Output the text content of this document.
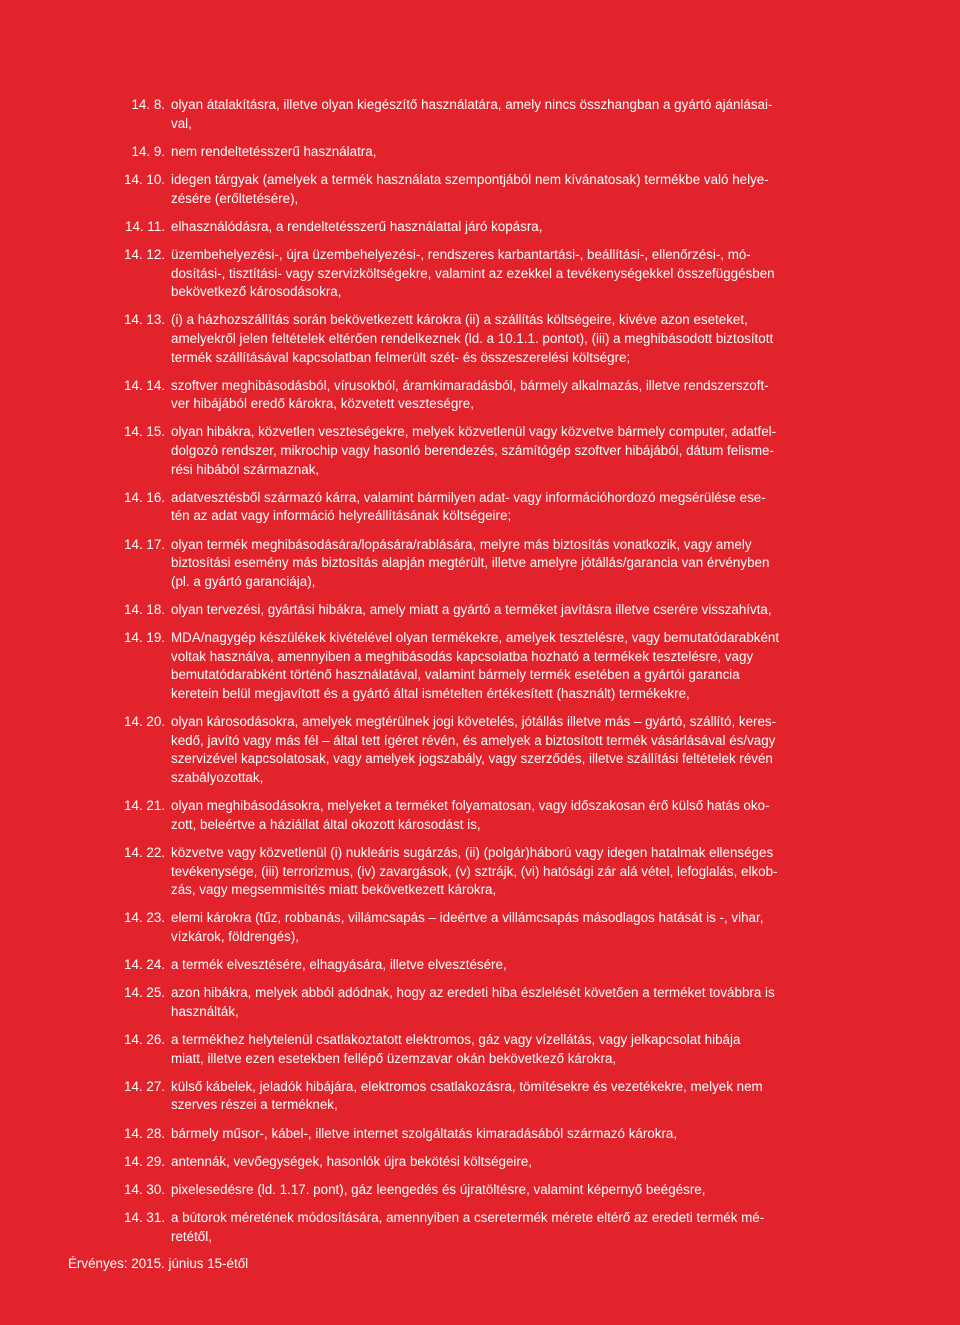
14. 8. olyan átalakításra, illetve olyan kiegészítő használatára, amely nincs összhangban a gyártó ajánlásai-
val,
14. 9. nem rendeltetésszerű használatra,
14. 10. idegen tárgyak (amelyek a termék használata szempontjából nem kívánatosak) termékbe való helye-
zésére (erőltetésére),
14. 11. elhasználódásra, a rendeltetésszerű használattal járó kopásra,
14. 12. üzembehelyezési-, újra üzembehelyezési-, rendszeres karbantartási-, beállítási-, ellenőrzési-, mó-
dosítási-, tisztítási- vagy szervizköltségekre, valamint az ezekkel a tevékenységekkel összefüggésben
bekövetkező károsodásokra,
14. 13. (i) a házhozszállítás során bekövetkezett károkra (ii) a szállítás költségeire, kivéve azon eseteket,
amelyekről jelen feltételek eltérően rendelkeznek (ld. a 10.1.1. pontot), (iii) a meghibásodott biztosított
termék szállításával kapcsolatban felmerült szét- és összeszerelési költségre;
14. 14. szoftver meghibásodásból, vírusokból, áramkimaradásból, bármely alkalmazás, illetve rendszerszoft-
ver hibájából eredő károkra, közvetett veszteségre,
14. 15. olyan hibákra, közvetlen veszteségekre, melyek közvetlenül vagy közvetve bármely computer, adatfel-
dolgozó rendszer, mikrochip vagy hasonló berendezés, számítógép szoftver hibájából, dátum felisme-
rési hibából származnak,
14. 16. adatvesztésből származó kárra, valamint bármilyen adat- vagy információhordozó megsérülése ese-
tén az adat vagy információ helyreállításának költségeire;
14. 17. olyan termék meghibásodására/lopására/rablására, melyre más biztosítás vonatkozik, vagy amely
biztosítási esemény más biztosítás alapján megtérült, illetve amelyre jótállás/garancia van érvényben
(pl. a gyártó garanciája),
14. 18. olyan tervezési, gyártási hibákra, amely miatt a gyártó a terméket javításra illetve cserére visszahívta,
14. 19. MDA/nagygép készülékek kivételével olyan termékekre, amelyek tesztelésre, vagy bemutatódarabként
voltak használva, amennyiben a meghibásodás kapcsolatba hozható a termékek tesztelésre, vagy
bemutatódarabként történő használatával, valamint bármely termék esetében a gyártói garancia
keretein belül megjavított és a gyártó által ismételten értékesített (használt) termékekre,
14. 20. olyan károsodásokra, amelyek megtérülnek jogi követelés, jótállás illetve más – gyártó, szállító, keres-
kedő, javító vagy más fél – által tett ígéret révén, és amelyek a biztosított termék vásárlásával és/vagy
szervizével kapcsolatosak, vagy amelyek jogszabály, vagy szerződés, illetve szállítási feltételek révén
szabályozottak,
14. 21. olyan meghibásodásokra, melyeket a terméket folyamatosan, vagy időszakosan érő külső hatás oko-
zott, beleértve a háziállat által okozott károsodást is,
14. 22. közvetve vagy közvetlenül (i) nukleáris sugárzás, (ii) (polgár)háború vagy idegen hatalmak ellenséges
tevékenysége, (iii) terrorizmus, (iv) zavargások, (v) sztrájk, (vi) hatósági zár alá vétel, lefoglalás, elkob-
zás, vagy megsemmisítés miatt bekövetkezett károkra,
14. 23. elemi károkra (tűz, robbanás, villámcsapás – ideértve a villámcsapás másodlagos hatását is -, vihar,
vízkárok, földrengés),
14. 24. a termék elvesztésére, elhagyására, illetve elvesztésére,
14. 25. azon hibákra, melyek abból adódnak, hogy az eredeti hiba észlelését követően a terméket továbbra is
használták,
14. 26. a termékhez helytelenül csatlakoztatott elektromos, gáz vagy vízellátás, vagy jelkapcsolat hibája
miatt, illetve ezen esetekben fellépő üzemzavar okán bekövetkező károkra,
14. 27. külső kábelek, jeladók hibájára, elektromos csatlakozásra, tömítésekre és vezetékekre, melyek nem
szerves részei a terméknek,
14. 28. bármely műsor-, kábel-, illetve internet szolgáltatás kimaradásából származó károkra,
14. 29. antennák, vevőegységek, hasonlók újra bekötési költségeire,
14. 30. pixelesedésre (ld. 1.17. pont), gáz leengedés és újratöltésre, valamint képernyő beégésre,
14. 31. a bútorok méretének módosítására, amennyiben a cseretermék mérete eltérő az eredeti termék mé-
retétől,
Érvényes: 2015. június 15-étől
